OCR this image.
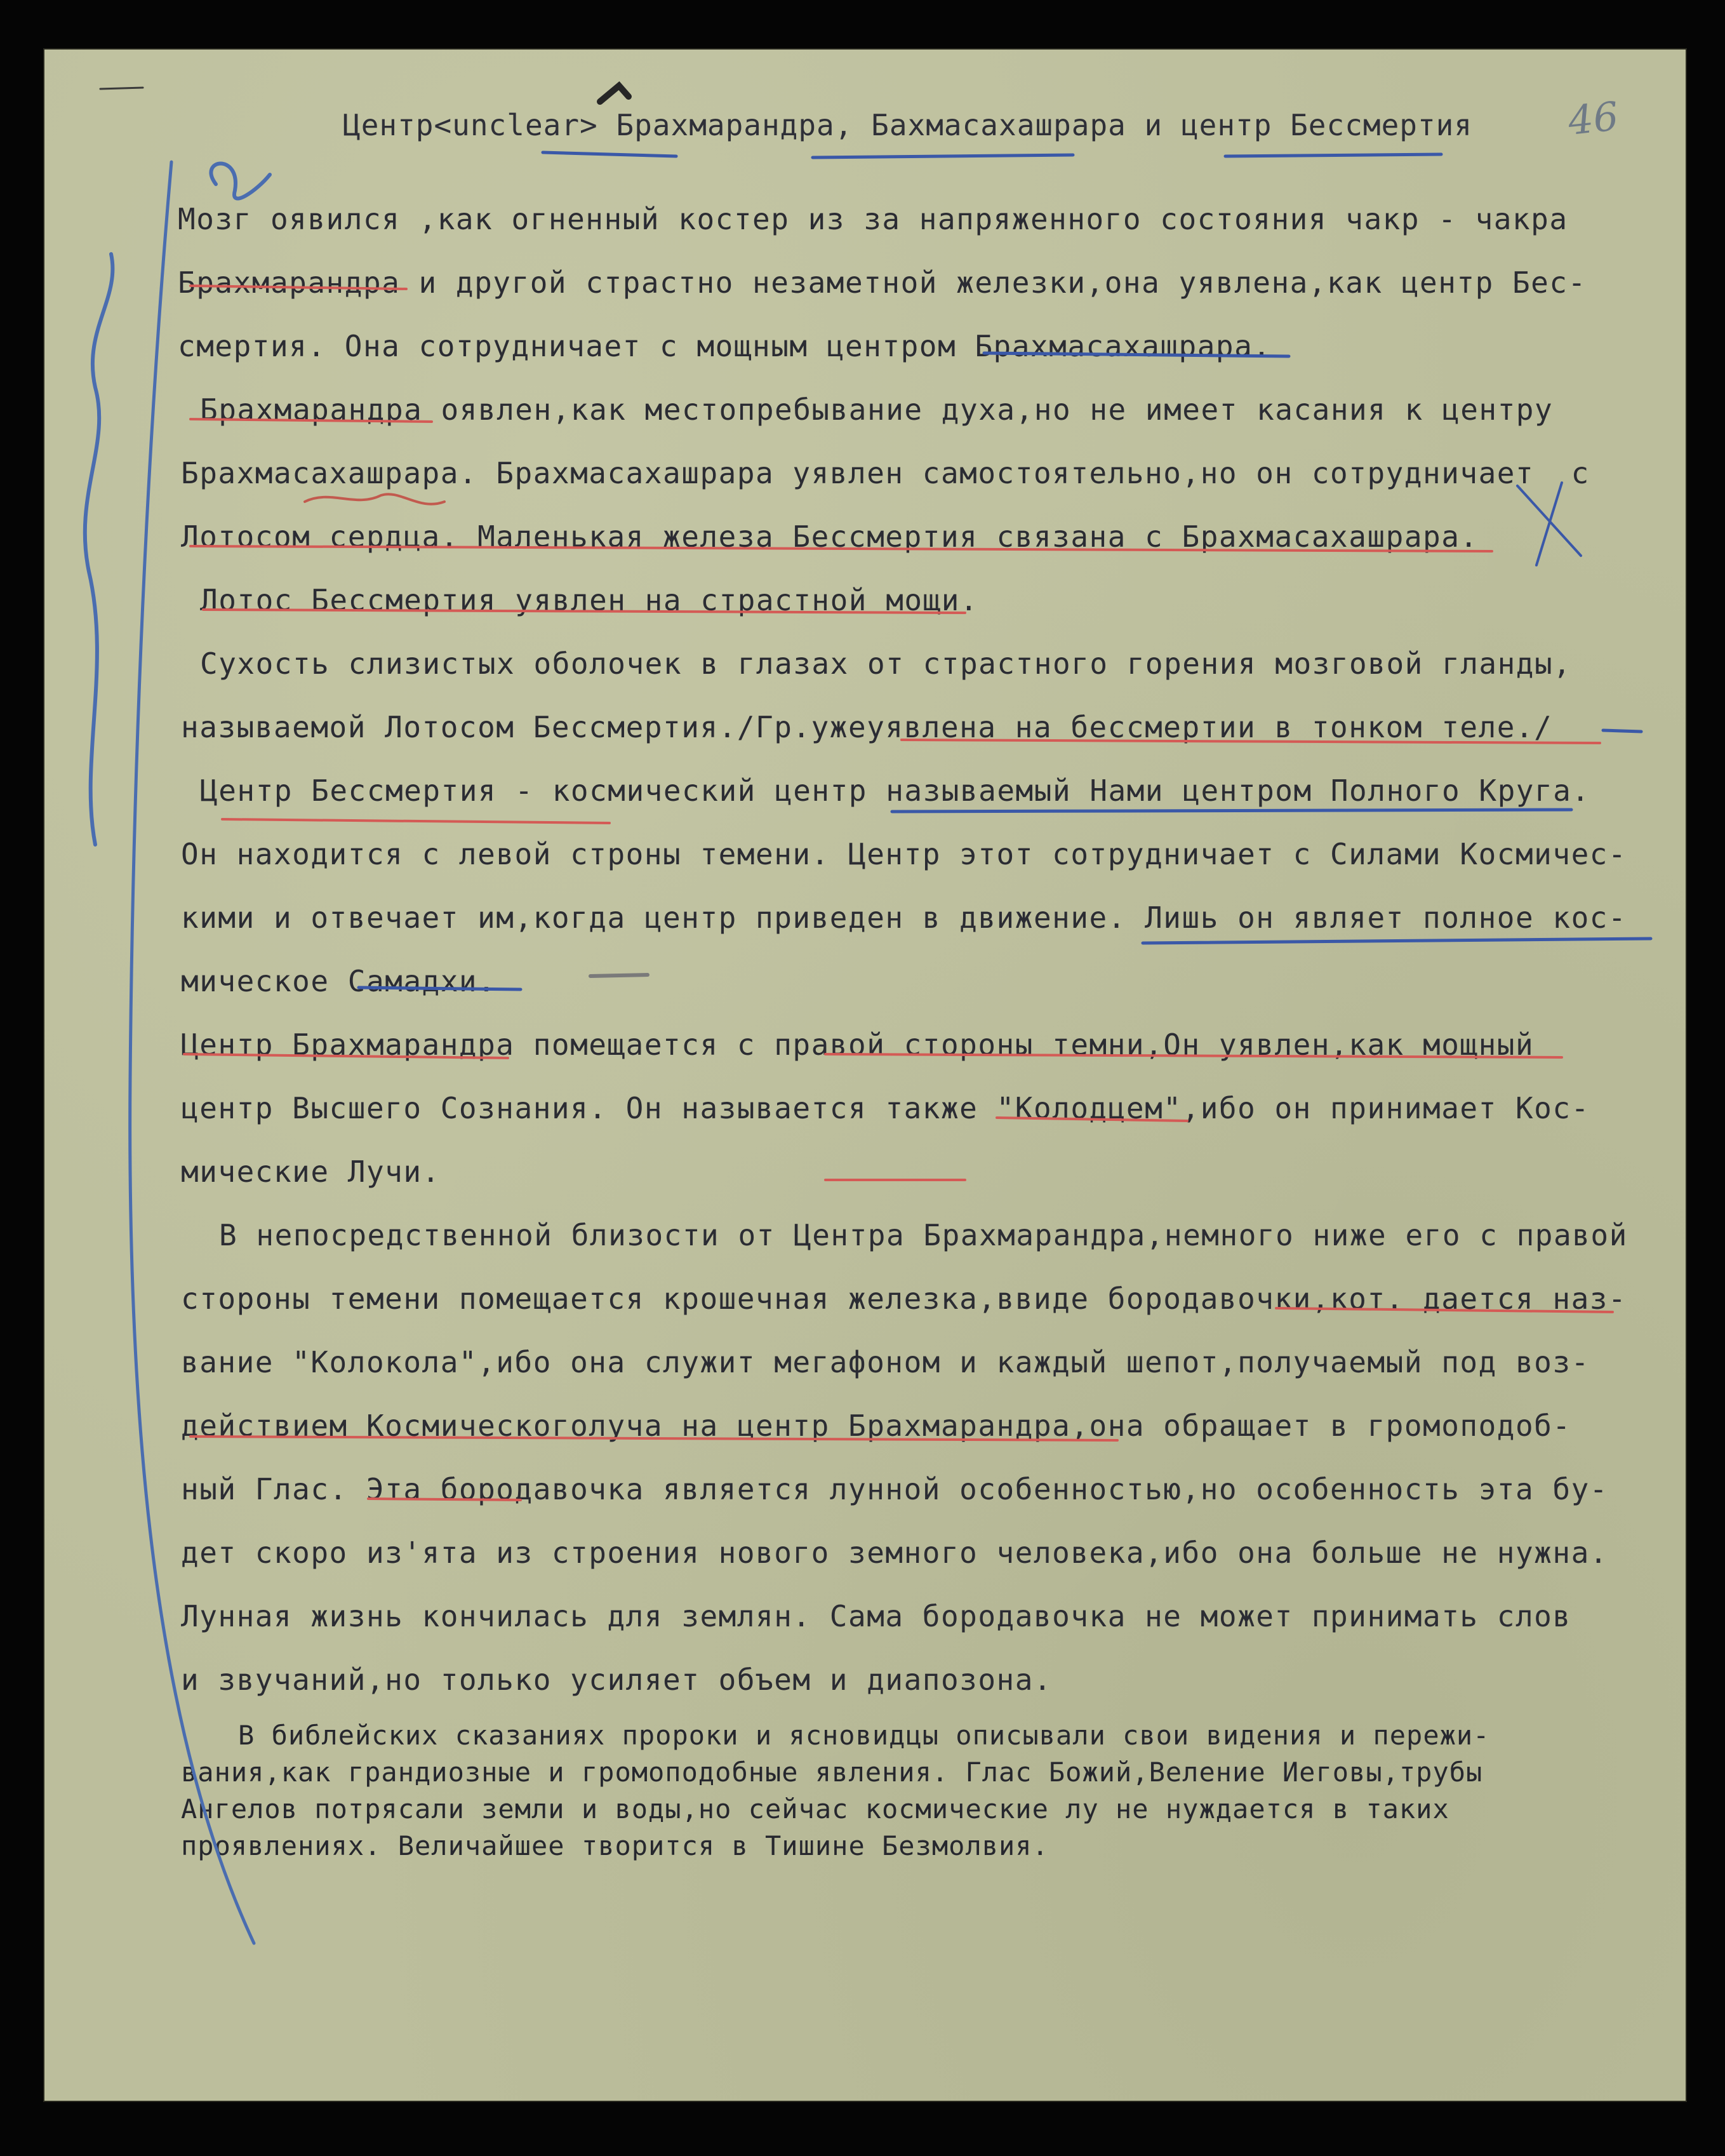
46
Центр<unclear> Брахмарандра, Бахмасахашрара и центр Бессмертия
Мозг оявился ,как огненный костер из за напряженного состояния чакр - чакра
Брахмарандра и другой страстно незаметной железки,она уявлена,как центр Бес-
смертия. Она сотрудничает с мощным центром Брахмасахашрара.
Брахмарандра оявлен,как местопребывание духа,но не имеет касания к центру
Брахмасахашрара. Брахмасахашрара уявлен самостоятельно,но он сотрудничает  с
Лотосом сердца. Маленькая железа Бессмертия связана с Брахмасахашрара.
Лотос Бессмертия уявлен на страстной мощи.
Сухость слизистых оболочек в глазах от страстного горения мозговой гланды,
называемой Лотосом Бессмертия./Гр.ужеуявлена на бессмертии в тонком теле./
Центр Бессмертия - космический центр называемый Нами центром Полного Круга.
Он находится с левой строны темени. Центр этот сотрудничает с Силами Космичес-
кими и отвечает им,когда центр приведен в движение. Лишь он являет полное кос-
мическое Самадхи.
Центр Брахмарандра помещается с правой стороны темни,Он уявлен,как мощный
центр Высшего Сознания. Он называется также "Колодцем",ибо он принимает Кос-
мические Лучи.
В непосредственной близости от Центра Брахмарандра,немного ниже его с правой
стороны темени помещается крошечная железка,ввиде бородавочки,кот. дается наз-
вание "Колокола",ибо она служит мегафоном и каждый шепот,получаемый под воз-
действием Космическоголуча на центр Брахмарандра,она обращает в громоподоб-
ный Глас. Эта бородавочка является лунной особенностью,но особенность эта бу-
дет скоро из'ята из строения нового земного человека,ибо она больше не нужна.
Лунная жизнь кончилась для землян. Сама бородавочка не может принимать слов
и звучаний,но только усиляет объем и диапозона.
В библейских сказаниях пророки и ясновидцы описывали свои видения и пережи-
вания,как грандиозные и громоподобные явления. Глас Божий,Веление Иеговы,трубы
Ангелов потрясали земли и воды,но сейчас космические лу не нуждается в таких
проявлениях. Величайшее творится в Тишине Безмолвия.
